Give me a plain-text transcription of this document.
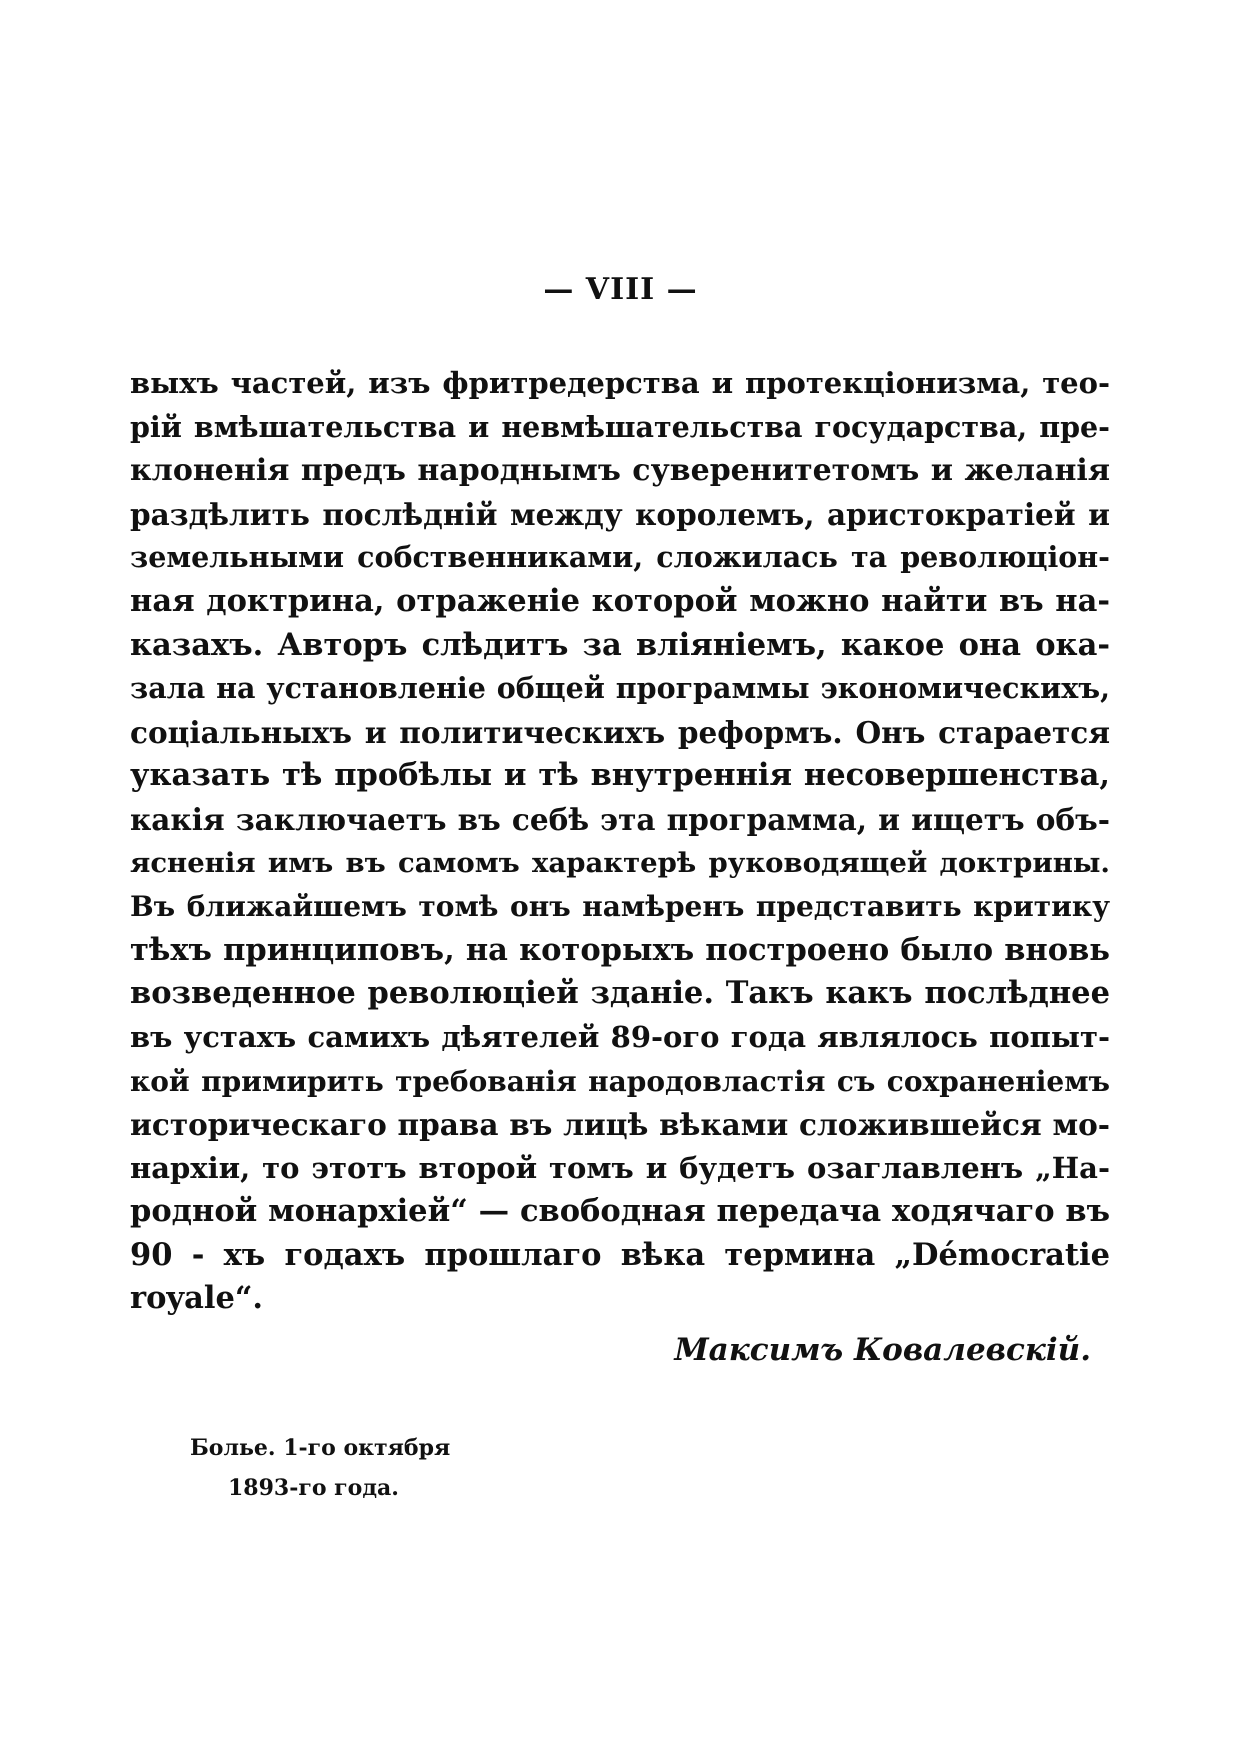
— VIII —
выхъ частей, изъ фритредерства и протекціонизма, тео-
рій вмѣшательства и невмѣшательства государства, пре-
клоненія предъ народнымъ суверенитетомъ и желанія
раздѣлить послѣдній между королемъ, аристократіей и
земельными собственниками, сложилась та революціон-
ная доктрина, отраженіе которой можно найти въ на-
казахъ. Авторъ слѣдитъ за вліяніемъ, какое она ока-
зала на установленіе общей программы экономическихъ,
соціальныхъ и политическихъ реформъ. Онъ старается
указать тѣ пробѣлы и тѣ внутреннія несовершенства,
какія заключаетъ въ себѣ эта программа, и ищетъ объ-
ясненія имъ въ самомъ характерѣ руководящей доктрины.
Въ ближайшемъ томѣ онъ намѣренъ представить критику
тѣхъ принциповъ, на которыхъ построено было вновь
возведенное революціей зданіе. Такъ какъ послѣднее
въ устахъ самихъ дѣятелей 89-ого года являлось попыт-
кой примирить требованія народовластія съ сохраненіемъ
историческаго права въ лицѣ вѣками сложившейся мо-
нархіи, то этотъ второй томъ и будетъ озаглавленъ „На-
родной монархіей“ — свободная передача ходячаго въ
90 - хъ годахъ прошлаго вѣка термина „Démocratie
royale“.
Максимъ Ковалевскій.
Болье. 1-го октября
1893-го года.
